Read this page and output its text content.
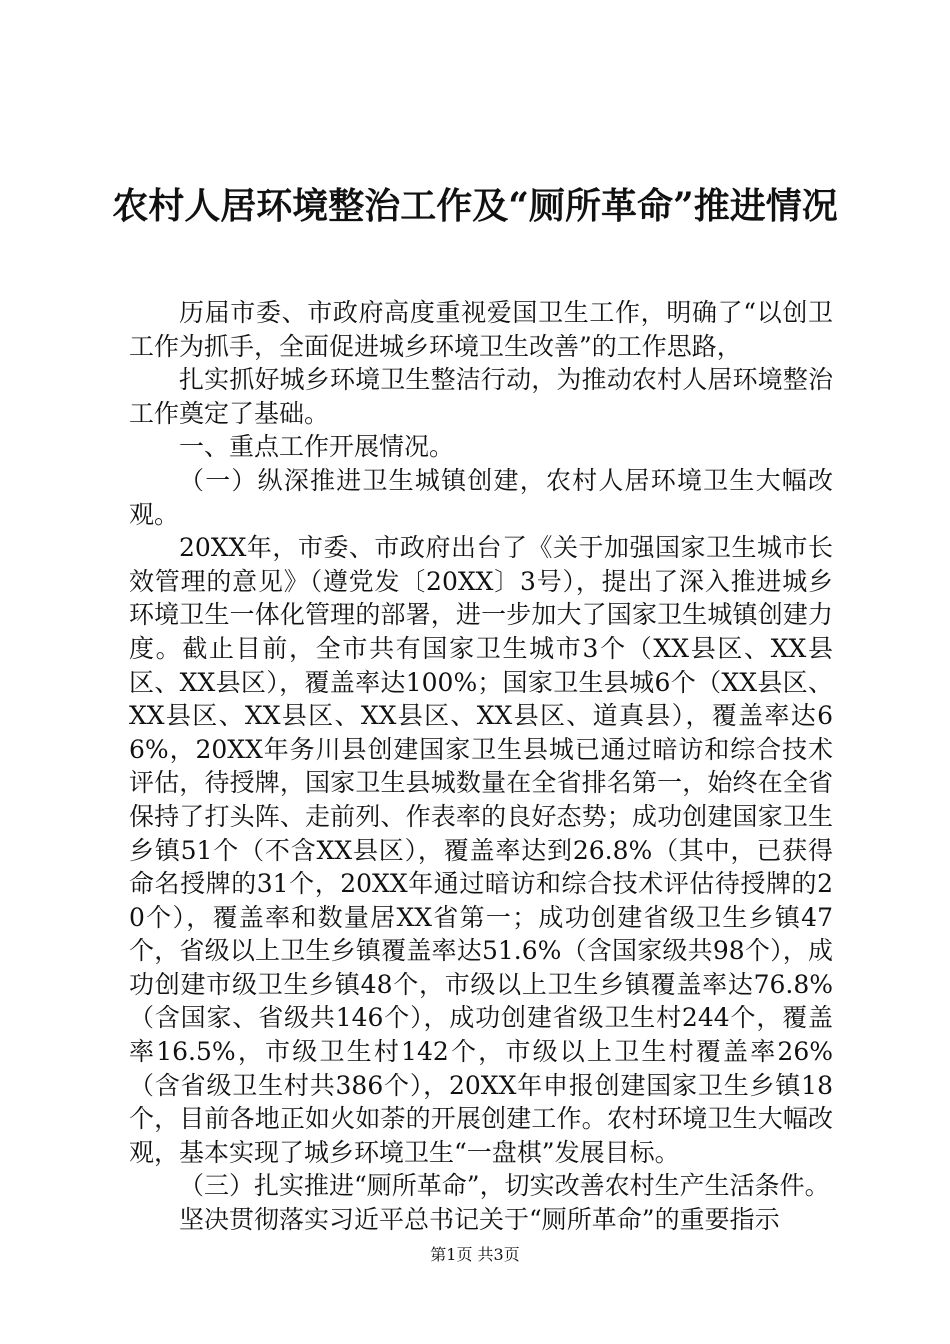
农村人居环境整治工作及“厕所革命”推进情况

历届市委、市政府高度重视爱国卫生工作，明确了“以创卫工作为抓手，全面促进城乡环境卫生改善”的工作思路，

扎实抓好城乡环境卫生整洁行动，为推动农村人居环境整治工作奠定了基础。

一、重点工作开展情况。

（一）纵深推进卫生城镇创建，农村人居环境卫生大幅改观。

20XX年，市委、市政府出台了《关于加强国家卫生城市长效管理的意见》（遵党发〔20XX〕3号），提出了深入推进城乡环境卫生一体化管理的部署，进一步加大了国家卫生城镇创建力度。截止目前，全市共有国家卫生城市3个（XX县区、XX县区、XX县区），覆盖率达100%；国家卫生县城6个（XX县区、XX县区、XX县区、XX县区、XX县区、道真县），覆盖率达66%，20XX年务川县创建国家卫生县城已通过暗访和综合技术评估，待授牌，国家卫生县城数量在全省排名第一，始终在全省保持了打头阵、走前列、作表率的良好态势；成功创建国家卫生乡镇51个（不含XX县区），覆盖率达到26.8%（其中，已获得命名授牌的31个，20XX年通过暗访和综合技术评估待授牌的20个），覆盖率和数量居XX省第一；成功创建省级卫生乡镇47个，省级以上卫生乡镇覆盖率达51.6%（含国家级共98个），成功创建市级卫生乡镇48个，市级以上卫生乡镇覆盖率达76.8%（含国家、省级共146个），成功创建省级卫生村244个，覆盖率16.5%，市级卫生村142个，市级以上卫生村覆盖率26%（含省级卫生村共386个），20XX年申报创建国家卫生乡镇18个，目前各地正如火如荼的开展创建工作。农村环境卫生大幅改观，基本实现了城乡环境卫生“一盘棋”发展目标。

（三）扎实推进“厕所革命”，切实改善农村生产生活条件。

坚决贯彻落实习近平总书记关于“厕所革命”的重要指示

第1页 共3页
